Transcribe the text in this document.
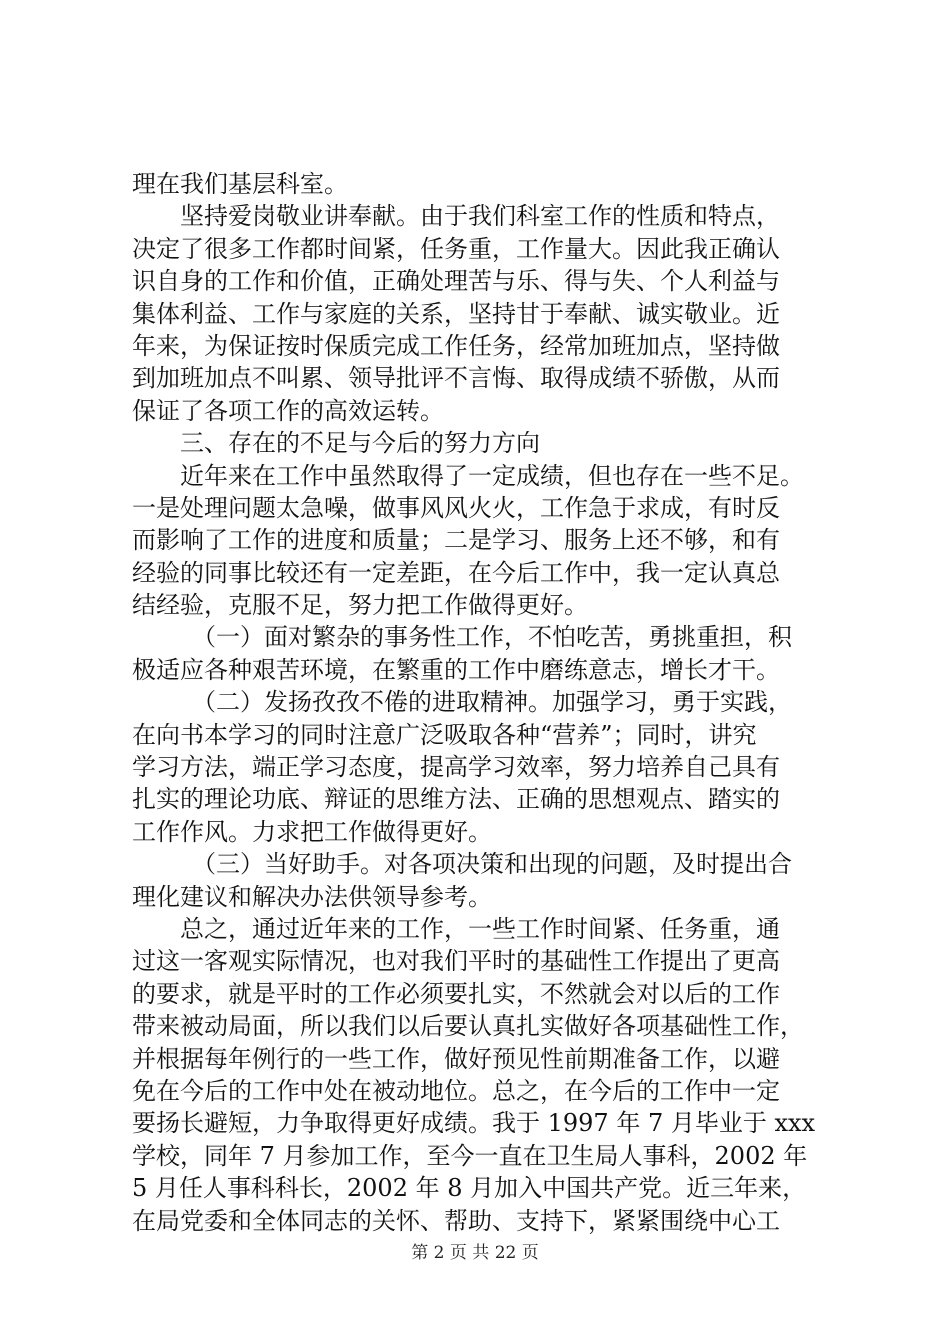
理在我们基层科室。
坚持爱岗敬业讲奉献。由于我们科室工作的性质和特点，
决定了很多工作都时间紧，任务重，工作量大。因此我正确认
识自身的工作和价值，正确处理苦与乐、得与失、个人利益与
集体利益、工作与家庭的关系，坚持甘于奉献、诚实敬业。近
年来，为保证按时保质完成工作任务，经常加班加点，坚持做
到加班加点不叫累、领导批评不言悔、取得成绩不骄傲，从而
保证了各项工作的高效运转。
三、存在的不足与今后的努力方向
近年来在工作中虽然取得了一定成绩，但也存在一些不足。
一是处理问题太急噪，做事风风火火，工作急于求成，有时反
而影响了工作的进度和质量；二是学习、服务上还不够，和有
经验的同事比较还有一定差距，在今后工作中，我一定认真总
结经验，克服不足，努力把工作做得更好。
（一）面对繁杂的事务性工作，不怕吃苦，勇挑重担，积
极适应各种艰苦环境，在繁重的工作中磨练意志，增长才干。
（二）发扬孜孜不倦的进取精神。加强学习，勇于实践，
在向书本学习的同时注意广泛吸取各种“营养”；同时，讲究
学习方法，端正学习态度，提高学习效率，努力培养自己具有
扎实的理论功底、辩证的思维方法、正确的思想观点、踏实的
工作作风。力求把工作做得更好。
（三）当好助手。对各项决策和出现的问题，及时提出合
理化建议和解决办法供领导参考。
总之，通过近年来的工作，一些工作时间紧、任务重，通
过这一客观实际情况，也对我们平时的基础性工作提出了更高
的要求，就是平时的工作必须要扎实，不然就会对以后的工作
带来被动局面，所以我们以后要认真扎实做好各项基础性工作，
并根据每年例行的一些工作，做好预见性前期准备工作，以避
免在今后的工作中处在被动地位。总之，在今后的工作中一定
要扬长避短，力争取得更好成绩。我于 1997 年 7 月毕业于 xxx
学校，同年 7 月参加工作，至今一直在卫生局人事科，2002 年
5 月任人事科科长，2002 年 8 月加入中国共产党。近三年来，
在局党委和全体同志的关怀、帮助、支持下，紧紧围绕中心工
第 2 页 共 22 页
